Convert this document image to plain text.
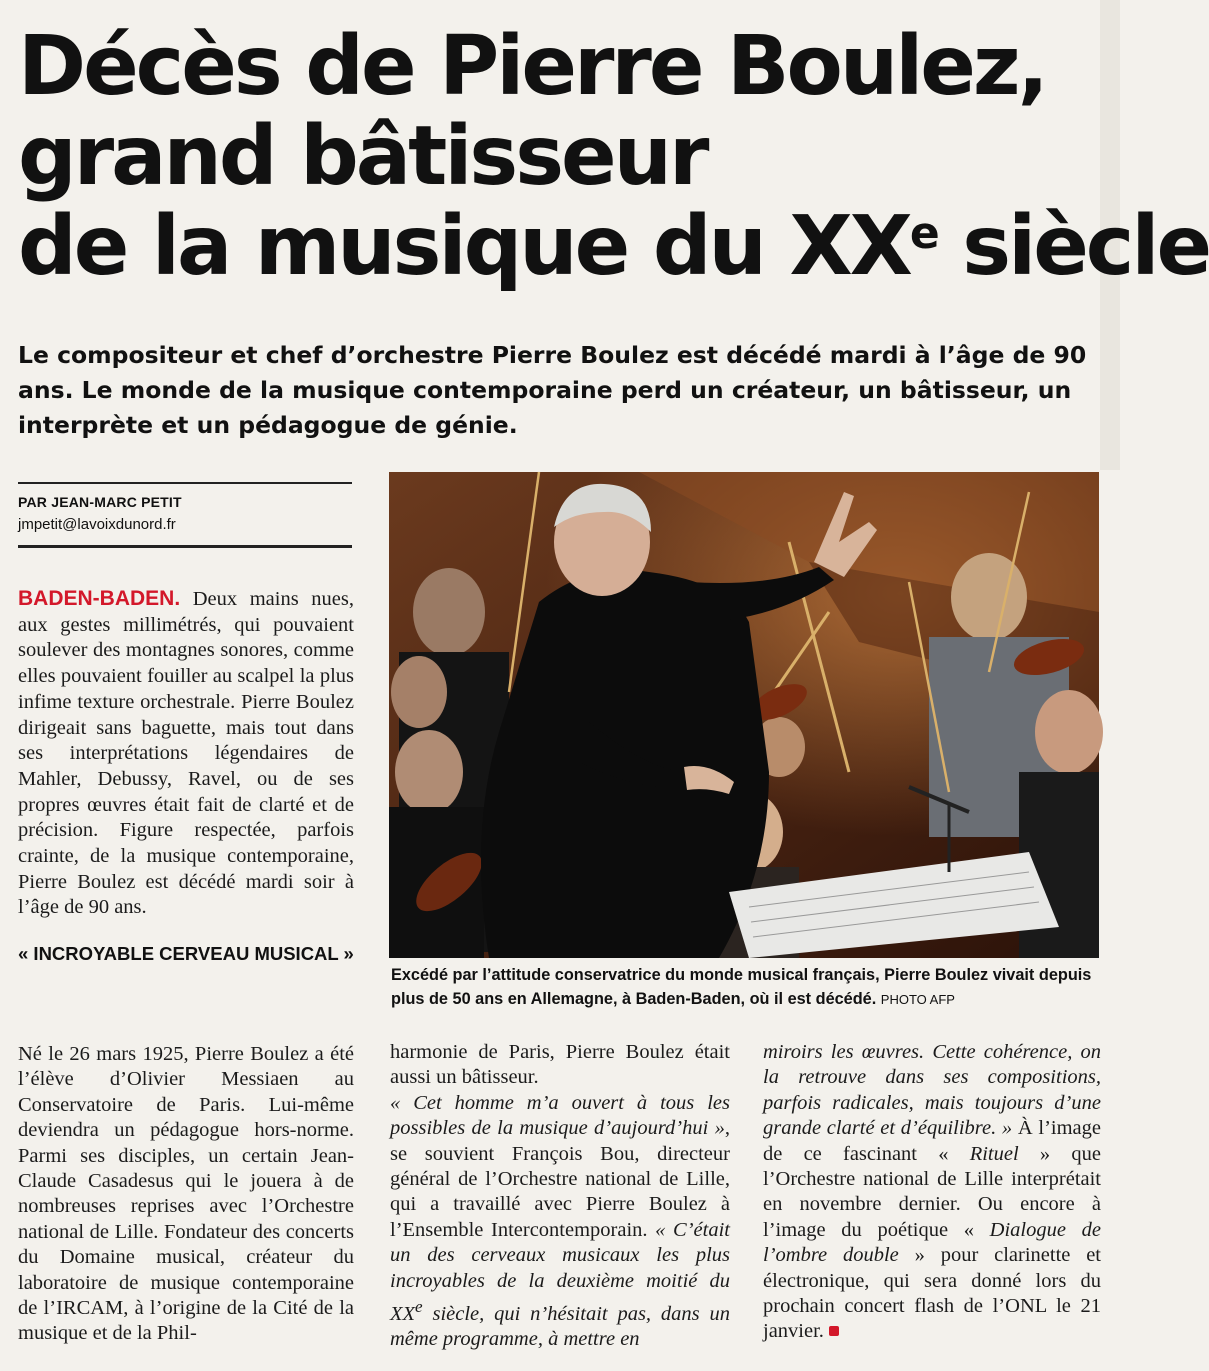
Décès de Pierre Boulez,
grand bâtisseur
de la musique du XXe siècle

Le compositeur et chef d’orchestre Pierre Boulez est décédé mardi à l’âge de 90 ans. Le monde de la musique contemporaine perd un créateur, un bâtisseur, un interprète et un pédagogue de génie.

PAR JEAN-MARC PETIT
jmpetit@lavoixdunord.fr

BADEN-BADEN. Deux mains nues, aux gestes millimétrés, qui pouvaient soulever des montagnes sonores, comme elles pouvaient fouiller au scalpel la plus infime texture orchestrale. Pierre Boulez dirigeait sans baguette, mais tout dans ses interprétations légendaires de Mahler, Debussy, Ravel, ou de ses propres œuvres était fait de clarté et de précision. Figure respectée, parfois crainte, de la musique contemporaine, Pierre Boulez est décédé mardi soir à l’âge de 90 ans.

« INCROYABLE CERVEAU MUSICAL »

Né le 26 mars 1925, Pierre Boulez a été l’élève d’Olivier Messiaen au Conservatoire de Paris. Lui-même deviendra un pédagogue hors-norme. Parmi ses disciples, un certain Jean-Claude Casadesus qui le jouera à de nombreuses reprises avec l’Orchestre national de Lille. Fondateur des concerts du Domaine musical, créateur du laboratoire de musique contemporaine de l’IRCAM, à l’origine de la Cité de la musique et de la Phil-

harmonie de Paris, Pierre Boulez était aussi un bâtisseur.

« Cet homme m’a ouvert à tous les possibles de la musique d’aujourd’hui », se souvient François Bou, directeur général de l’Orchestre national de Lille, qui a travaillé avec Pierre Boulez à l’Ensemble Intercontemporain. « C’était un des cerveaux musicaux les plus incroyables de la deuxième moitié du XXe siècle, qui n’hésitait pas, dans un même programme, à mettre en

miroirs les œuvres. Cette cohérence, on la retrouve dans ses compositions, parfois radicales, mais toujours d’une grande clarté et d’équilibre. » À l’image de ce fascinant « Rituel » que l’Orchestre national de Lille interprétait en novembre dernier. Ou encore à l’image du poétique « Dialogue de l’ombre double » pour clarinette et électronique, qui sera donné lors du prochain concert flash de l’ONL le 21 janvier.

Excédé par l’attitude conservatrice du monde musical français, Pierre Boulez vivait depuis plus de 50 ans en Allemagne, à Baden-Baden, où il est décédé. PHOTO AFP
